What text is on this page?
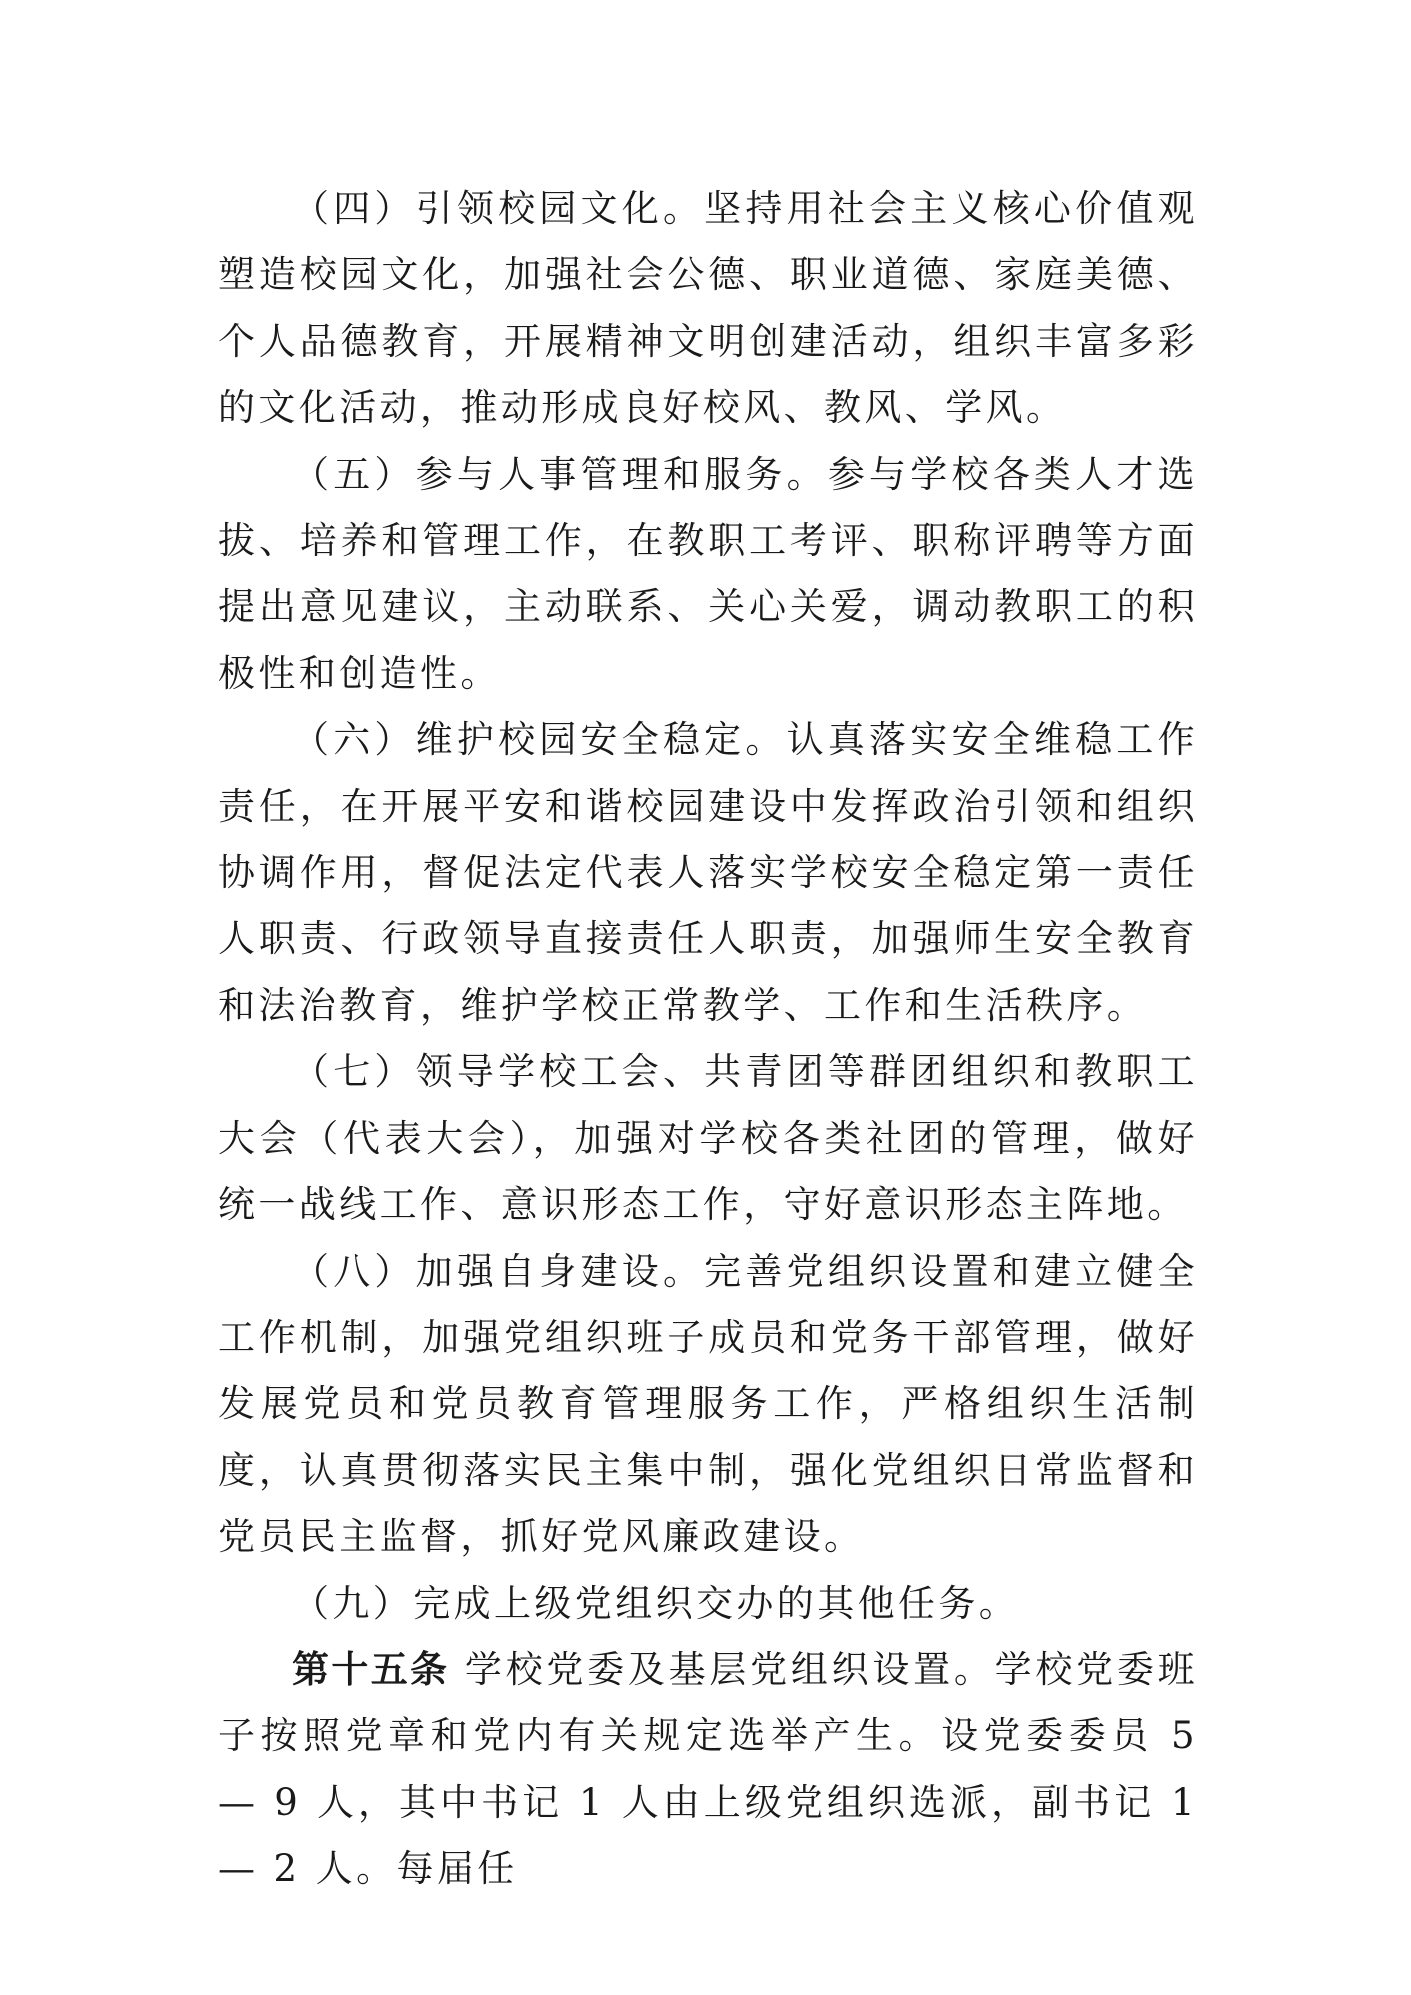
（四）引领校园文化。坚持用社会主义核心价值观塑造校园文化，加强社会公德、职业道德、家庭美德、个人品德教育，开展精神文明创建活动，组织丰富多彩的文化活动，推动形成良好校风、教风、学风。

（五）参与人事管理和服务。参与学校各类人才选拔、培养和管理工作，在教职工考评、职称评聘等方面提出意见建议，主动联系、关心关爱，调动教职工的积极性和创造性。

（六）维护校园安全稳定。认真落实安全维稳工作责任，在开展平安和谐校园建设中发挥政治引领和组织协调作用，督促法定代表人落实学校安全稳定第一责任人职责、行政领导直接责任人职责，加强师生安全教育和法治教育，维护学校正常教学、工作和生活秩序。

（七）领导学校工会、共青团等群团组织和教职工大会（代表大会），加强对学校各类社团的管理，做好统一战线工作、意识形态工作，守好意识形态主阵地。

（八）加强自身建设。完善党组织设置和建立健全工作机制，加强党组织班子成员和党务干部管理，做好发展党员和党员教育管理服务工作，严格组织生活制度，认真贯彻落实民主集中制，强化党组织日常监督和党员民主监督，抓好党风廉政建设。

（九）完成上级党组织交办的其他任务。

第十五条 学校党委及基层党组织设置。学校党委班子按照党章和党内有关规定选举产生。设党委委员 5 — 9 人，其中书记 1 人由上级党组织选派，副书记 1 — 2 人。每届任
